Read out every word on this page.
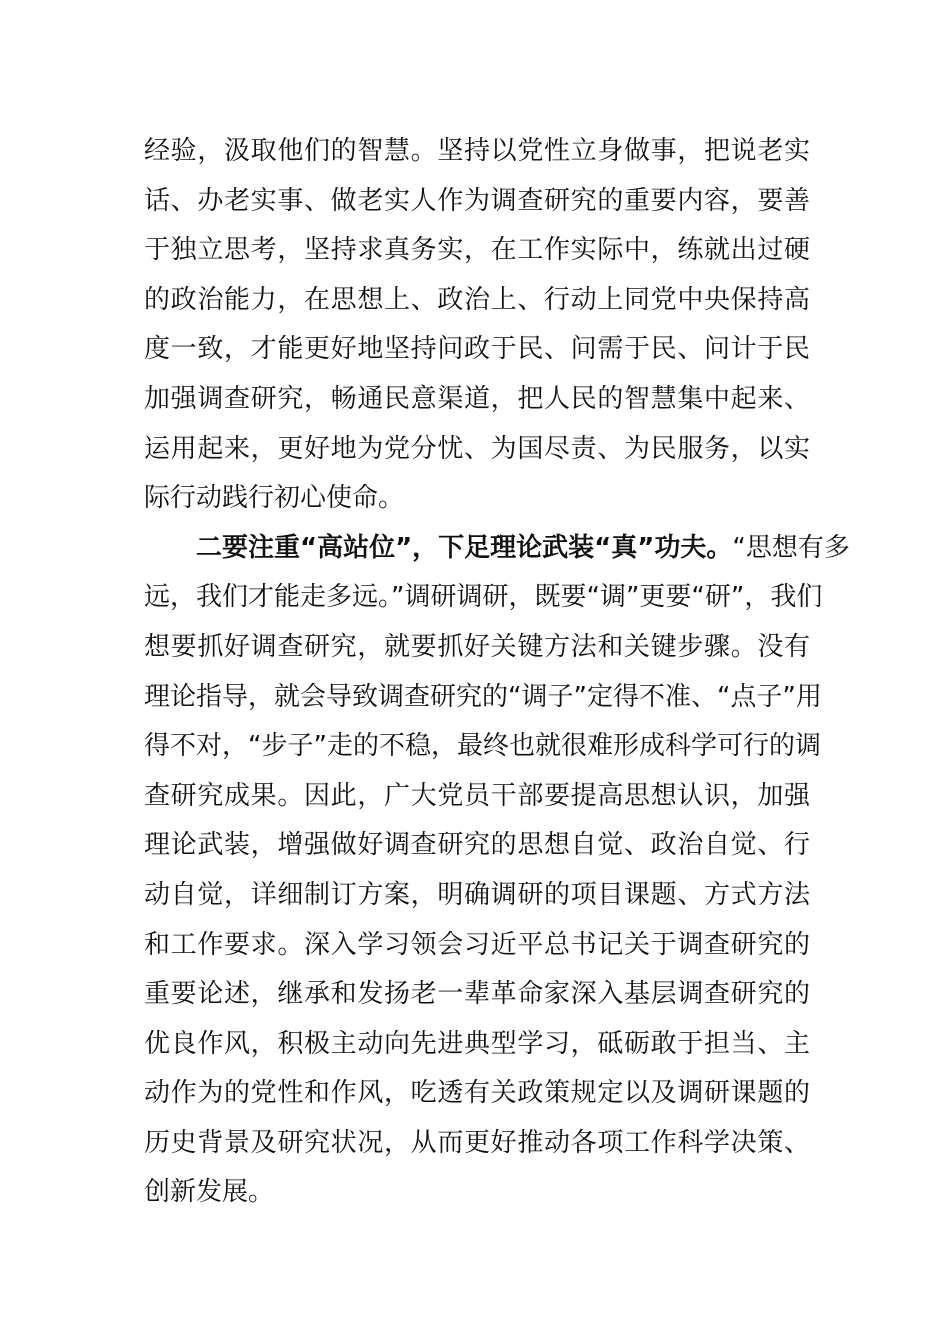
经验，汲取他们的智慧。坚持以党性立身做事，把说老实
话、办老实事、做老实人作为调查研究的重要内容，要善
于独立思考，坚持求真务实，在工作实际中，练就出过硬
的政治能力，在思想上、政治上、行动上同党中央保持高
度一致，才能更好地坚持问政于民、问需于民、问计于民
加强调查研究，畅通民意渠道，把人民的智慧集中起来、
运用起来，更好地为党分忧、为国尽责、为民服务，以实
际行动践行初心使命。
二要注重“高站位”，下足理论武装“真”功夫。“思想有多
远，我们才能走多远。”调研调研，既要“调”更要“研”，我们
想要抓好调查研究，就要抓好关键方法和关键步骤。没有
理论指导，就会导致调查研究的“调子”定得不准、“点子”用
得不对，“步子”走的不稳，最终也就很难形成科学可行的调
查研究成果。因此，广大党员干部要提高思想认识，加强
理论武装，增强做好调查研究的思想自觉、政治自觉、行
动自觉，详细制订方案，明确调研的项目课题、方式方法
和工作要求。深入学习领会习近平总书记关于调查研究的
重要论述，继承和发扬老一辈革命家深入基层调查研究的
优良作风，积极主动向先进典型学习，砥砺敢于担当、主
动作为的党性和作风，吃透有关政策规定以及调研课题的
历史背景及研究状况，从而更好推动各项工作科学决策、
创新发展。
